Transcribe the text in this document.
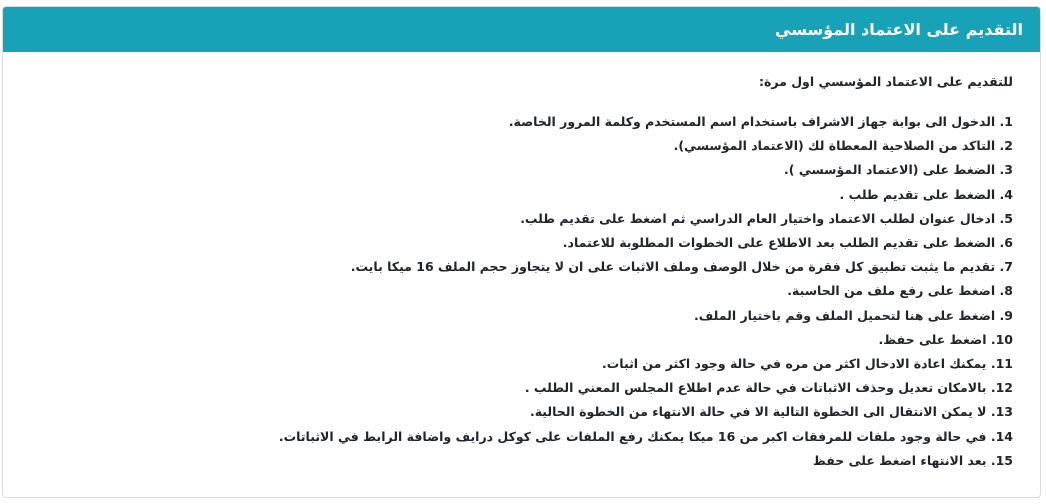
التقديم على الاعتماد المؤسسي

للتقديم على الاعتماد المؤسسي اول مرة:

1. الدخول الى بوابة جهاز الاشراف باستخدام اسم المستخدم وكلمة المرور الخاصة.
2. التاكد من الصلاحية المعطاة لك (الاعتماد المؤسسي).
3. الضغط على (الاعتماد المؤسسي ).
4. الضغط على تقديم طلب .
5. ادخال عنوان لطلب الاعتماد واختيار العام الدراسي ثم اضغط على تقديم طلب.
6. الضغط على تقديم الطلب بعد الاطلاع على الخطوات المطلوبة للاعتماد.
7. تقديم ما يثبت تطبيق كل فقرة من خلال الوصف وملف الاثبات على ان لا يتجاوز حجم الملف 16 ميكا بايت.
8. اضغط على رفع ملف من الحاسبة.
9. اضغط على هنا لتحميل الملف وقم باختيار الملف.
10. اضغط على حفظ.
11. يمكنك اعادة الادخال اكثر من مره في حالة وجود اكثر من اثبات.
12. بالامكان تعديل وحذف الاثباتات في حالة عدم اطلاع المجلس المعني الطلب .
13. لا يمكن الانتقال الى الخطوة التالية الا في حالة الانتهاء من الخطوة الحالية.
14. في حالة وجود ملفات للمرفقات اكبر من 16 ميكا يمكنك رفع الملفات على كوكل درايف واضافة الرابط في الاثباتات.
15. بعد الانتهاء اضغط على حفظ
